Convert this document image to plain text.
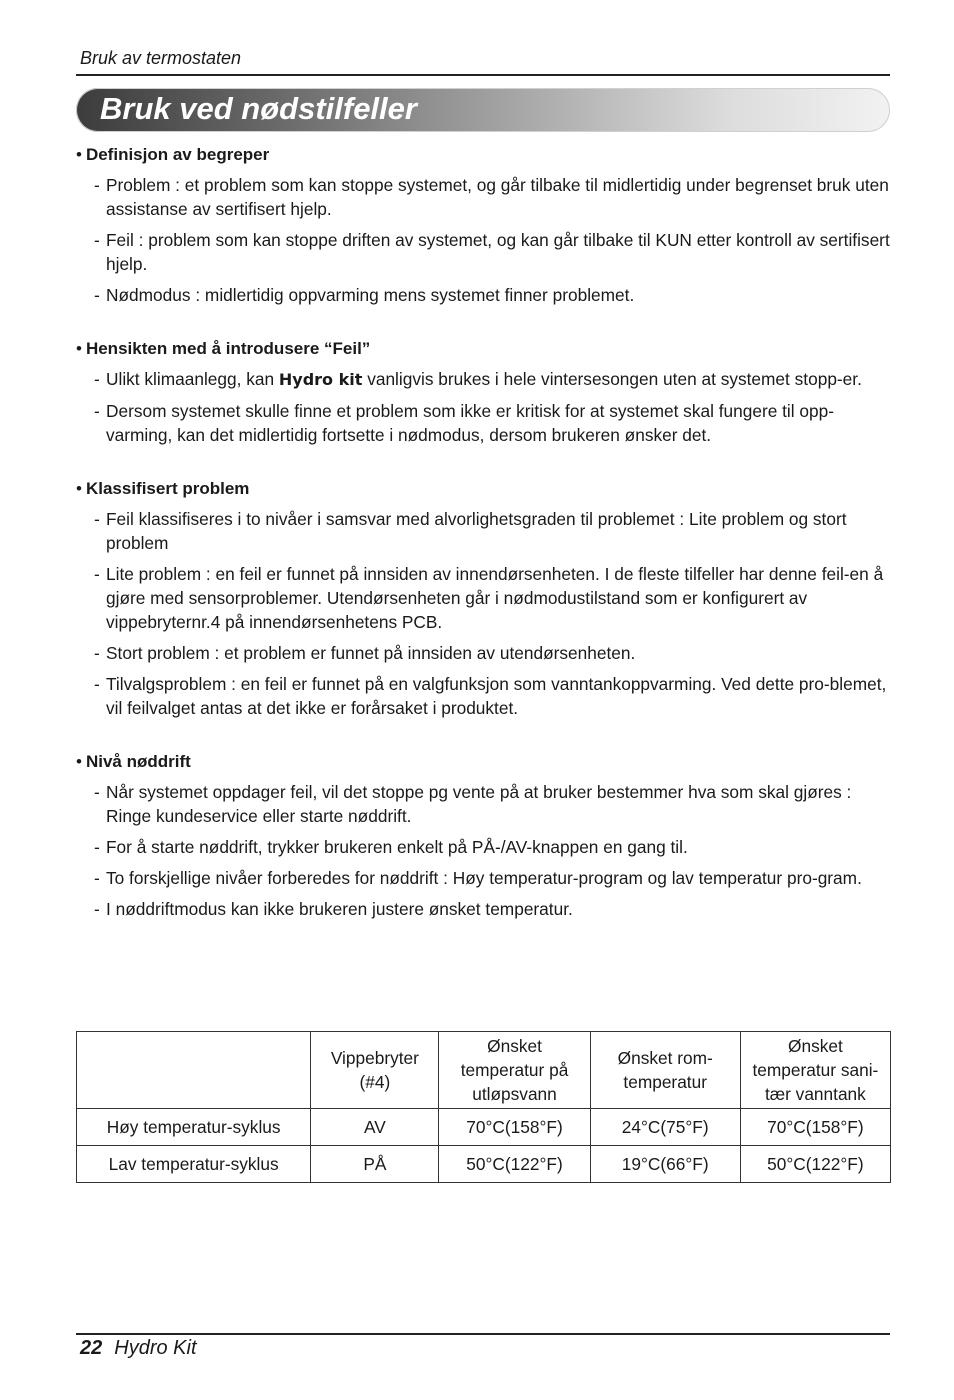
Bruk av termostaten
Bruk ved nødstilfeller
• Definisjon av begreper
- Problem : et problem som kan stoppe systemet, og går tilbake til midlertidig under begrenset bruk uten assistanse av sertifisert hjelp.
- Feil : problem som kan stoppe driften av systemet, og kan går tilbake til KUN etter kontroll av sertifisert hjelp.
- Nødmodus : midlertidig oppvarming mens systemet finner problemet.
• Hensikten med å introdusere “Feil”
- Ulikt klimaanlegg, kan Hydro kit vanligvis brukes i hele vintersesongen uten at systemet stopp-er.
- Dersom systemet skulle finne et problem som ikke er kritisk for at systemet skal fungere til opp-varming, kan det midlertidig fortsette i nødmodus, dersom brukeren ønsker det.
• Klassifisert problem
- Feil klassifiseres i to nivåer i samsvar med alvorlighetsgraden til problemet : Lite problem og stort problem
- Lite problem : en feil er funnet på innsiden av innendørsenheten. I de fleste tilfeller har denne feil-en å gjøre med sensorproblemer. Utendørsenheten går i nødmodustilstand som er konfigurert av vippebryternr.4 på innendørsenhetens PCB.
- Stort problem : et problem er funnet på innsiden av utendørsenheten.
- Tilvalgsproblem : en feil er funnet på en valgfunksjon som vanntankoppvarming. Ved dette pro-blemet, vil feilvalget antas at det ikke er forårsaket i produktet.
• Nivå nøddrift
- Når systemet oppdager feil, vil det stoppe pg vente på at bruker bestemmer hva som skal gjøres : Ringe kundeservice eller starte nøddrift.
- For å starte nøddrift, trykker brukeren enkelt på PÅ-/AV-knappen en gang til.
- To forskjellige nivåer forberedes for nøddrift : Høy temperatur-program og lav temperatur pro-gram.
- I nøddriftmodus kan ikke brukeren justere ønsket temperatur.
	Vippebryter (#4)	Ønsket temperatur på utløpsvann	Ønsket rom-temperatur	Ønsket temperatur sani-tær vanntank
Høy temperatur-syklus	AV	70°C(158°F)	24°C(75°F)	70°C(158°F)
Lav temperatur-syklus	PÅ	50°C(122°F)	19°C(66°F)	50°C(122°F)
22 Hydro Kit
